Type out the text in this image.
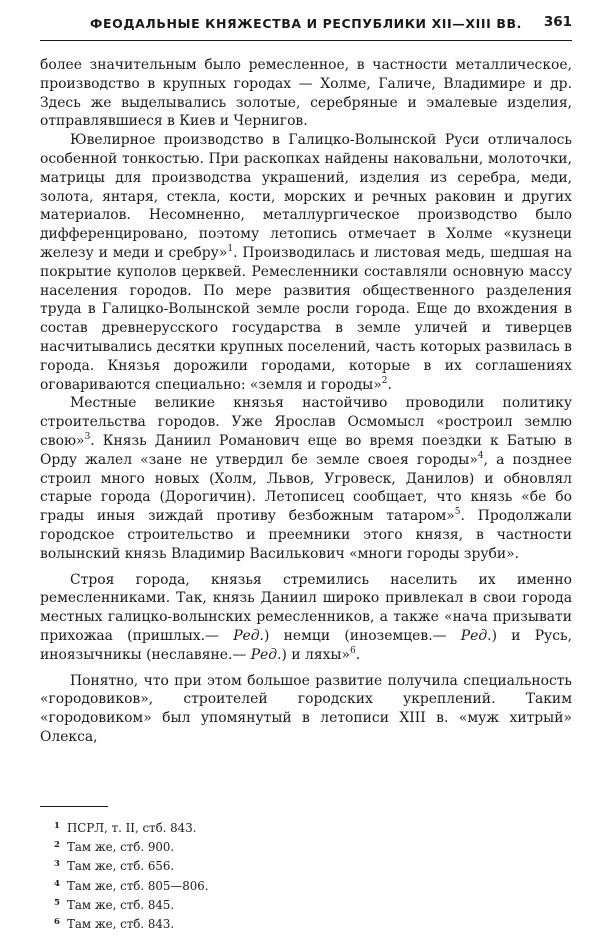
ФЕОДАЛЬНЫЕ КНЯЖЕСТВА И РЕСПУБЛИКИ XII—XIII ВВ. 361

более значительным было ремесленное, в частности металлическое, производство в крупных городах — Холме, Галиче, Владимире и др. Здесь же выделывались золотые, серебряные и эмалевые изделия, отправлявшиеся в Киев и Чернигов.

Ювелирное производство в Галицко-Волынской Руси отличалось особенной тонкостью. При раскопках найдены наковальни, молоточки, матрицы для производства украшений, изделия из серебра, меди, золота, янтаря, стекла, кости, морских и речных раковин и других материалов. Несомненно, металлургическое производство было дифференцировано, поэтому летопись отмечает в Холме «кузнеци железу и меди и сребру»$^1$. Производилась и листовая медь, шедшая на покрытие куполов церквей. Ремесленники составляли основную массу населения городов. По мере развития общественного разделения труда в Галицко-Волынской земле росли города. Еще до вхождения в состав древнерусского государства в земле уличей и тиверцев насчитывались десятки крупных поселений, часть которых развилась в города. Князья дорожили городами, которые в их соглашениях оговариваются специально: «земля и городы»$^2$.

Местные великие князья настойчиво проводили политику строительства городов. Уже Ярослав Осмомысл «ростроил землю свою»$^3$. Князь Даниил Романович еще во время поездки к Батыю в Орду жалел «зане не утвердил бе земле своея городы»$^4$, а позднее строил много новых (Холм, Львов, Угровеск, Данилов) и обновлял старые города (Дорогичин). Летописец сообщает, что князь «бе бо грады иныя зиждай противу безбожным татаром»$^5$. Продолжали городское строительство и преемники этого князя, в частности волынский князь Владимир Василькович «многи городы зруби».

Строя города, князья стремились населить их именно ремесленниками. Так, князь Даниил широко привлекал в свои города местных галицко-волынских ремесленников, а также «нача призывати прихожаа (пришлых.— Ред.) немци (иноземцев.— Ред.) и Русь, иноязычникы (неславяне.— Ред.) и ляхы»$^6$.

Понятно, что при этом большое развитие получила специальность «городовиков», строителей городских укреплений. Таким «городовиком» был упомянутый в летописи XIII в. «муж хитрый» Олекса,

1 ПСРЛ, т. II, стб. 843.
2 Там же, стб. 900.
3 Там же, стб. 656.
4 Там же, стб. 805—806.
5 Там же, стб. 845.
6 Там же, стб. 843.
